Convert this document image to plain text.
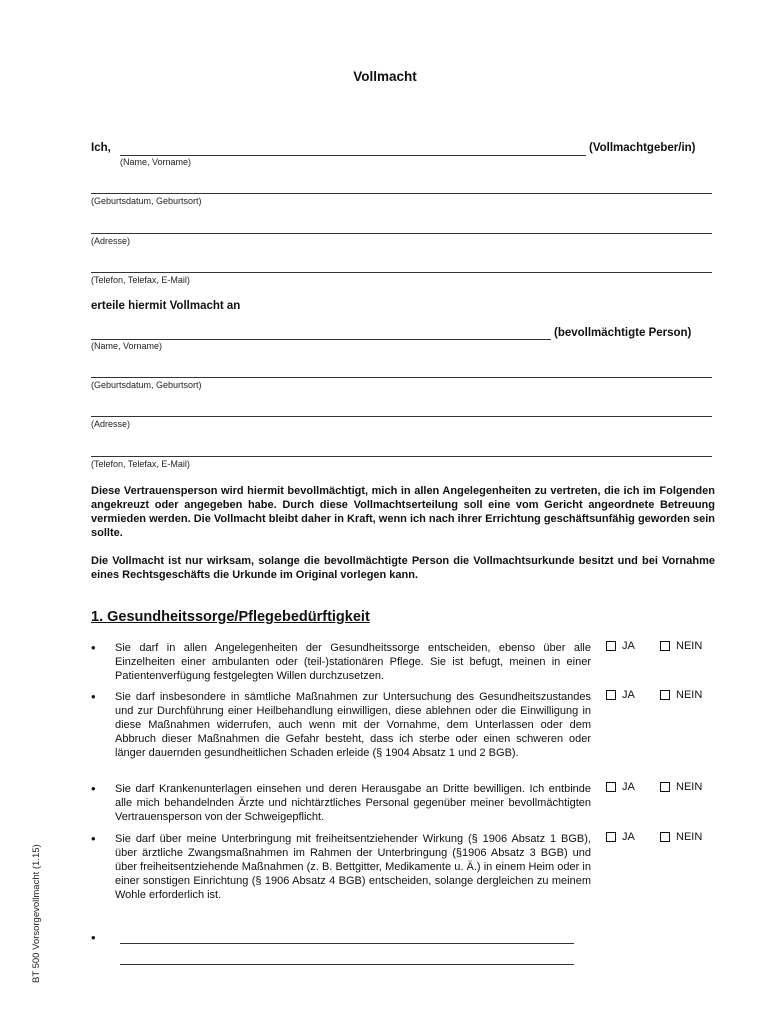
Vollmacht
Ich,	(Vollmachtgeber/in)
(Name, Vorname)
(Geburtsdatum, Geburtsort)
(Adresse)
(Telefon, Telefax, E-Mail)
erteile hiermit Vollmacht an
(bevollmächtigte Person)
(Name, Vorname)
(Geburtsdatum, Geburtsort)
(Adresse)
(Telefon, Telefax, E-Mail)
Diese Vertrauensperson wird hiermit bevollmächtigt, mich in allen Angelegenheiten zu vertreten, die ich im Folgenden angekreuzt oder angegeben habe. Durch diese Vollmachtserteilung soll eine vom Gericht angeordnete Betreuung vermieden werden. Die Vollmacht bleibt daher in Kraft, wenn ich nach ihrer Errichtung geschäftsunfähig geworden sein sollte.
Die Vollmacht ist nur wirksam, solange die bevollmächtigte Person die Vollmachtsurkunde besitzt und bei Vornahme eines Rechtsgeschäfts die Urkunde im Original vorlegen kann.
1. Gesundheitssorge/Pflegebedürftigkeit
• Sie darf in allen Angelegenheiten der Gesundheitssorge entscheiden, ebenso über alle Einzelheiten einer ambulanten oder (teil-)stationären Pflege. Sie ist befugt, meinen in einer Patientenverfügung festgelegten Willen durchzusetzen.
JA	NEIN
• Sie darf insbesondere in sämtliche Maßnahmen zur Untersuchung des Gesundheitszustandes und zur Durchführung einer Heilbehandlung einwilligen, diese ablehnen oder die Einwilligung in diese Maßnahmen widerrufen, auch wenn mit der Vornahme, dem Unterlassen oder dem Abbruch dieser Maßnahmen die Gefahr besteht, dass ich sterbe oder einen schweren oder länger dauernden gesundheitlichen Schaden erleide (§ 1904 Absatz 1 und 2 BGB).
JA	NEIN
• Sie darf Krankenunterlagen einsehen und deren Herausgabe an Dritte bewilligen. Ich entbinde alle mich behandelnden Ärzte und nichtärztliches Personal gegenüber meiner bevollmächtigten Vertrauensperson von der Schweigepflicht.
JA	NEIN
• Sie darf über meine Unterbringung mit freiheitsentziehender Wirkung (§ 1906 Absatz 1 BGB), über ärztliche Zwangsmaßnahmen im Rahmen der Unterbringung (§1906 Absatz 3 BGB) und über freiheitsentziehende Maßnahmen (z. B. Bettgitter, Medikamente u. Ä.) in einem Heim oder in einer sonstigen Einrichtung (§ 1906 Absatz 4 BGB) entscheiden, solange dergleichen zu meinem Wohle erforderlich ist.
JA	NEIN
•
BT 500 Vorsorgevollmacht (1.15)
